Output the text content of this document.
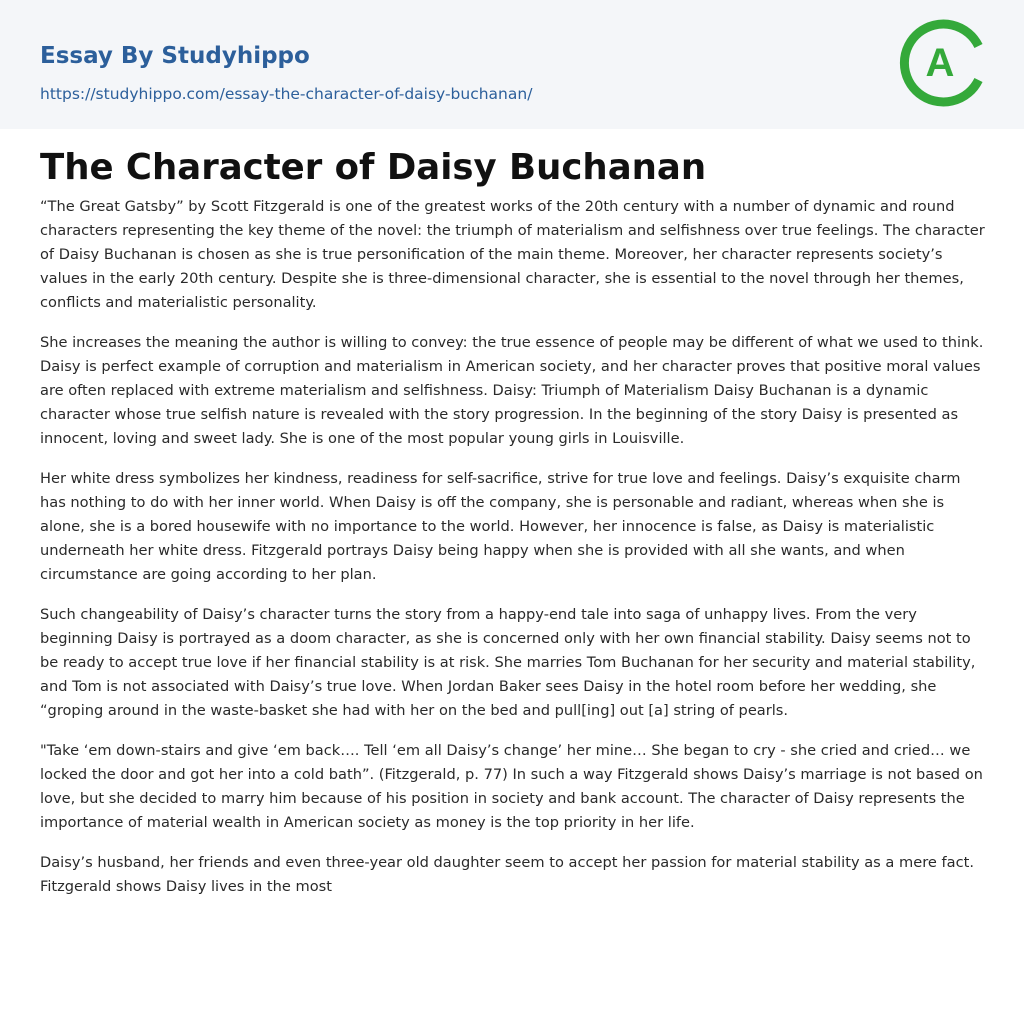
Essay By Studyhippo
https://studyhippo.com/essay-the-character-of-daisy-buchanan/
A
The Character of Daisy Buchanan

“The Great Gatsby” by Scott Fitzgerald is one of the greatest works of the 20th century with a number of dynamic and round characters representing the key theme of the novel: the triumph of materialism and selfishness over true feelings. The character of Daisy Buchanan is chosen as she is true personification of the main theme. Moreover, her character represents society’s values in the early 20th century. Despite she is three-dimensional character, she is essential to the novel through her themes, conflicts and materialistic personality.

She increases the meaning the author is willing to convey: the true essence of people may be different of what we used to think. Daisy is perfect example of corruption and materialism in American society, and her character proves that positive moral values are often replaced with extreme materialism and selfishness. Daisy: Triumph of Materialism Daisy Buchanan is a dynamic character whose true selfish nature is revealed with the story progression. In the beginning of the story Daisy is presented as innocent, loving and sweet lady. She is one of the most popular young girls in Louisville.

Her white dress symbolizes her kindness, readiness for self-sacrifice, strive for true love and feelings. Daisy’s exquisite charm has nothing to do with her inner world. When Daisy is off the company, she is personable and radiant, whereas when she is alone, she is a bored housewife with no importance to the world. However, her innocence is false, as Daisy is materialistic underneath her white dress. Fitzgerald portrays Daisy being happy when she is provided with all she wants, and when circumstance are going according to her plan.

Such changeability of Daisy’s character turns the story from a happy-end tale into saga of unhappy lives. From the very beginning Daisy is portrayed as a doom character, as she is concerned only with her own financial stability. Daisy seems not to be ready to accept true love if her financial stability is at risk. She marries Tom Buchanan for her security and material stability, and Tom is not associated with Daisy’s true love. When Jordan Baker sees Daisy in the hotel room before her wedding, she “groping around in the waste-basket she had with her on the bed and pull[ing] out [a] string of pearls.

"Take ‘em down-stairs and give ‘em back…. Tell ‘em all Daisy’s change’ her mine… She began to cry - she cried and cried… we locked the door and got her into a cold bath”. (Fitzgerald, p. 77) In such a way Fitzgerald shows Daisy’s marriage is not based on love, but she decided to marry him because of his position in society and bank account. The character of Daisy represents the importance of material wealth in American society as money is the top priority in her life.

Daisy’s husband, her friends and even three-year old daughter seem to accept her passion for material stability as a mere fact. Fitzgerald shows Daisy lives in the most
